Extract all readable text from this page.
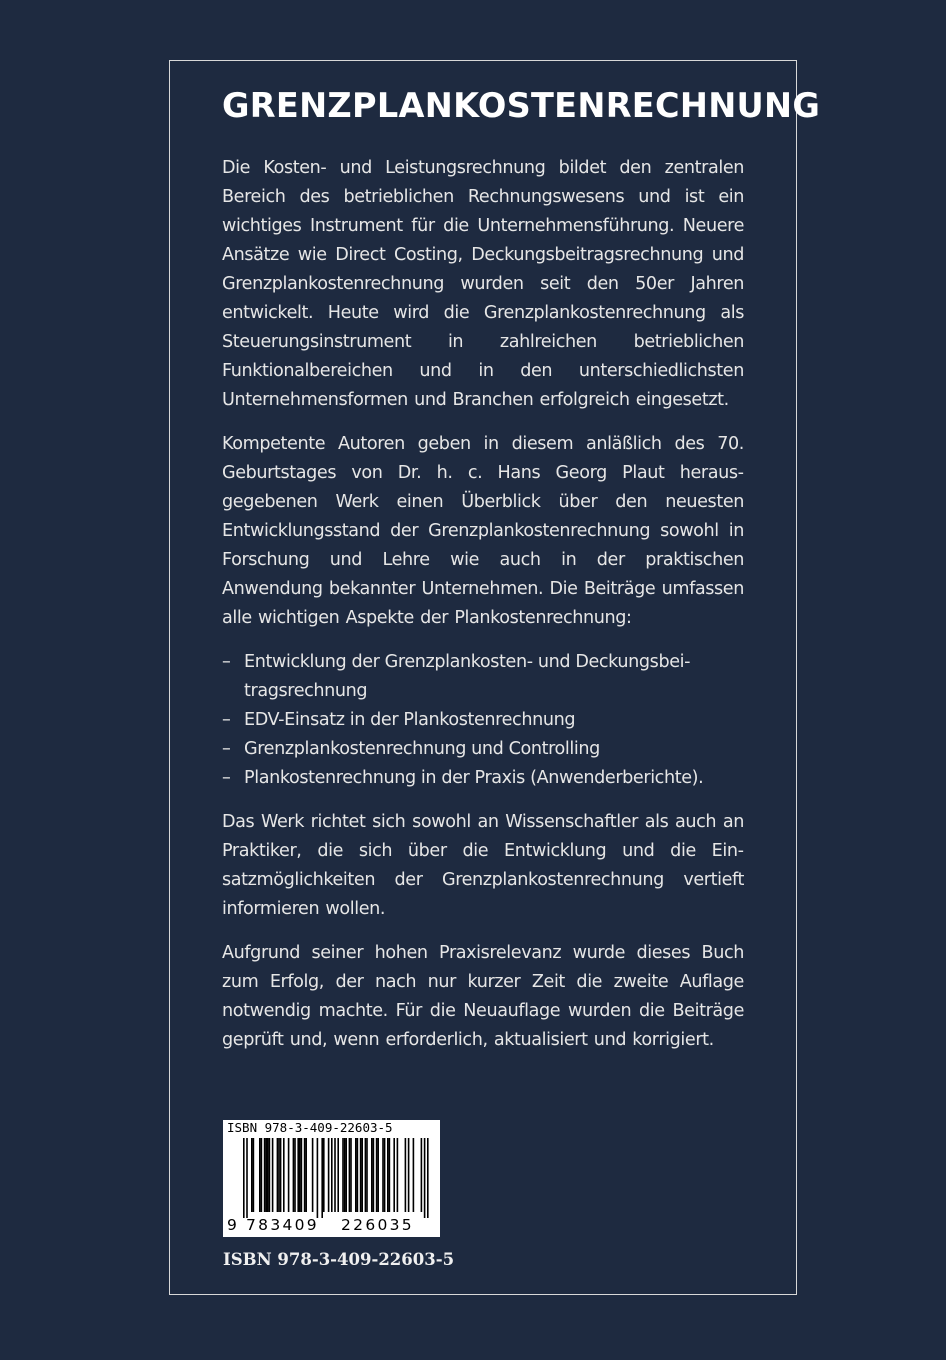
GRENZPLANKOSTENRECHNUNG

Die Kosten- und Leistungsrechnung bildet den zentralen Bereich des betrieblichen Rechnungswesens und ist ein wichtiges Instrument für die Unternehmensführung. Neuere Ansätze wie Direct Costing, Deckungsbeitragsrechnung und Grenzplankostenrechnung wurden seit den 50er Jahren entwickelt. Heute wird die Grenzplankostenrechnung als Steuerungsinstrument in zahlreichen betrieblichen Funktionalbereichen und in den unterschiedlichsten Unternehmensformen und Branchen erfolgreich eingesetzt.

Kompetente Autoren geben in diesem anläßlich des 70. Geburtstages von Dr. h. c. Hans Georg Plaut herausgegebenen Werk einen Überblick über den neuesten Entwicklungsstand der Grenzplankostenrechnung sowohl in Forschung und Lehre wie auch in der praktischen Anwendung bekannter Unternehmen. Die Beiträge umfassen alle wichtigen Aspekte der Plankostenrechnung:

– Entwicklung der Grenzplankosten- und Deckungsbeitragsrechnung
– EDV-Einsatz in der Plankostenrechnung
– Grenzplankostenrechnung und Controlling
– Plankostenrechnung in der Praxis (Anwenderberichte).

Das Werk richtet sich sowohl an Wissenschaftler als auch an Praktiker, die sich über die Entwicklung und die Einsatzmöglichkeiten der Grenzplankostenrechnung vertieft informieren wollen.

Aufgrund seiner hohen Praxisrelevanz wurde dieses Buch zum Erfolg, der nach nur kurzer Zeit die zweite Auflage notwendig machte. Für die Neuauflage wurden die Beiträge geprüft und, wenn erforderlich, aktualisiert und korrigiert.

ISBN 978-3-409-22603-5
9 783409 226035
ISBN 978-3-409-22603-5
